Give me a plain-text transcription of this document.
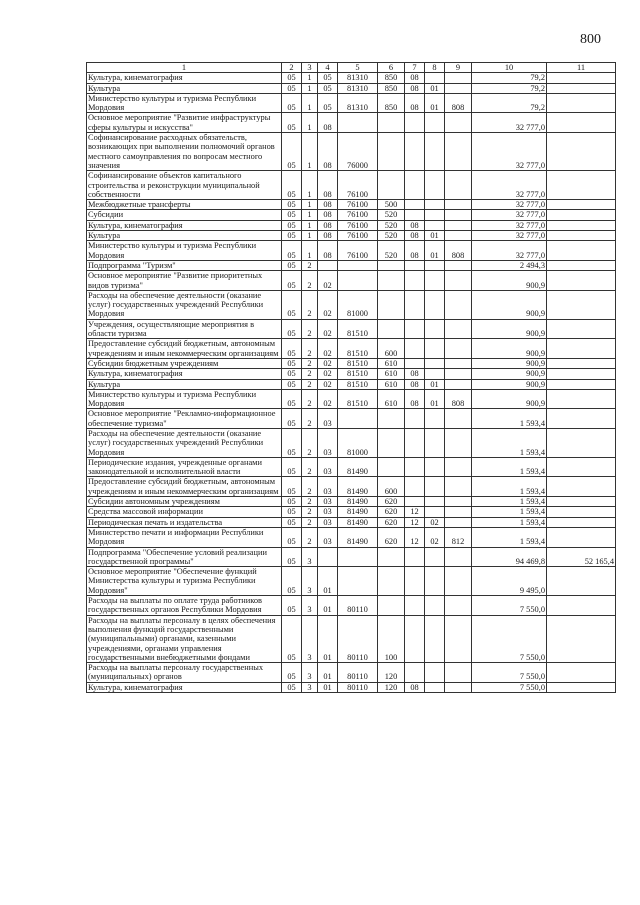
800
1	2	3	4	5	6	7	8	9	10	11
Культура, кинематография	05	1	05	81310	850	08			79,2	
Культура	05	1	05	81310	850	08	01		79,2	
Министерство культуры и туризма Республики Мордовия	05	1	05	81310	850	08	01	808	79,2	
Основное мероприятие "Развитие инфраструктуры сферы культуры и искусства"	05	1	08						32 777,0	
Софинансирование расходных обязательств, возникающих при выполнении полномочий органов местного самоуправления по вопросам местного значения	05	1	08	76000					32 777,0	
Софинансирование объектов капитального строительства и реконструкции муниципальной собственности	05	1	08	76100					32 777,0	
Межбюджетные трансферты	05	1	08	76100	500				32 777,0	
Субсидии	05	1	08	76100	520				32 777,0	
Культура, кинематография	05	1	08	76100	520	08			32 777,0	
Культура	05	1	08	76100	520	08	01		32 777,0	
Министерство культуры и туризма Республики Мордовия	05	1	08	76100	520	08	01	808	32 777,0	
Подпрограмма "Туризм"	05	2							2 494,3	
Основное мероприятие "Развитие приоритетных видов туризма"	05	2	02						900,9	
Расходы на обеспечение деятельности (оказание услуг) государственных учреждений Республики Мордовия	05	2	02	81000					900,9	
Учреждения, осуществляющие мероприятия в области туризма	05	2	02	81510					900,9	
Предоставление субсидий бюджетным, автономным учреждениям и иным некоммерческим организациям	05	2	02	81510	600				900,9	
Субсидии бюджетным учреждениям	05	2	02	81510	610				900,9	
Культура, кинематография	05	2	02	81510	610	08			900,9	
Культура	05	2	02	81510	610	08	01		900,9	
Министерство культуры и туризма Республики Мордовия	05	2	02	81510	610	08	01	808	900,9	
Основное мероприятие "Рекламно-информационное обеспечение туризма"	05	2	03						1 593,4	
Расходы на обеспечение деятельности (оказание услуг) государственных учреждений Республики Мордовия	05	2	03	81000					1 593,4	
Периодические издания, учрежденные органами законодательной и исполнительной власти	05	2	03	81490					1 593,4	
Предоставление субсидий бюджетным, автономным учреждениям и иным некоммерческим организациям	05	2	03	81490	600				1 593,4	
Субсидии автономным учреждениям	05	2	03	81490	620				1 593,4	
Средства массовой информации	05	2	03	81490	620	12			1 593,4	
Периодическая печать и издательства	05	2	03	81490	620	12	02		1 593,4	
Министерство печати и информации Республики Мордовия	05	2	03	81490	620	12	02	812	1 593,4	
Подпрограмма "Обеспечение условий реализации государственной программы"	05	3							94 469,8	52 165,4
Основное мероприятие "Обеспечение функций Министерства культуры и туризма Республики Мордовия"	05	3	01						9 495,0	
Расходы на выплаты по оплате труда работников государственных органов Республики Мордовия	05	3	01	80110					7 550,0	
Расходы на выплаты персоналу в целях обеспечения выполнения функций государственными (муниципальными) органами, казенными учреждениями, органами управления государственными внебюджетными фондами	05	3	01	80110	100				7 550,0	
Расходы на выплаты персоналу государственных (муниципальных) органов	05	3	01	80110	120				7 550,0	
Культура, кинематография	05	3	01	80110	120	08			7 550,0	
